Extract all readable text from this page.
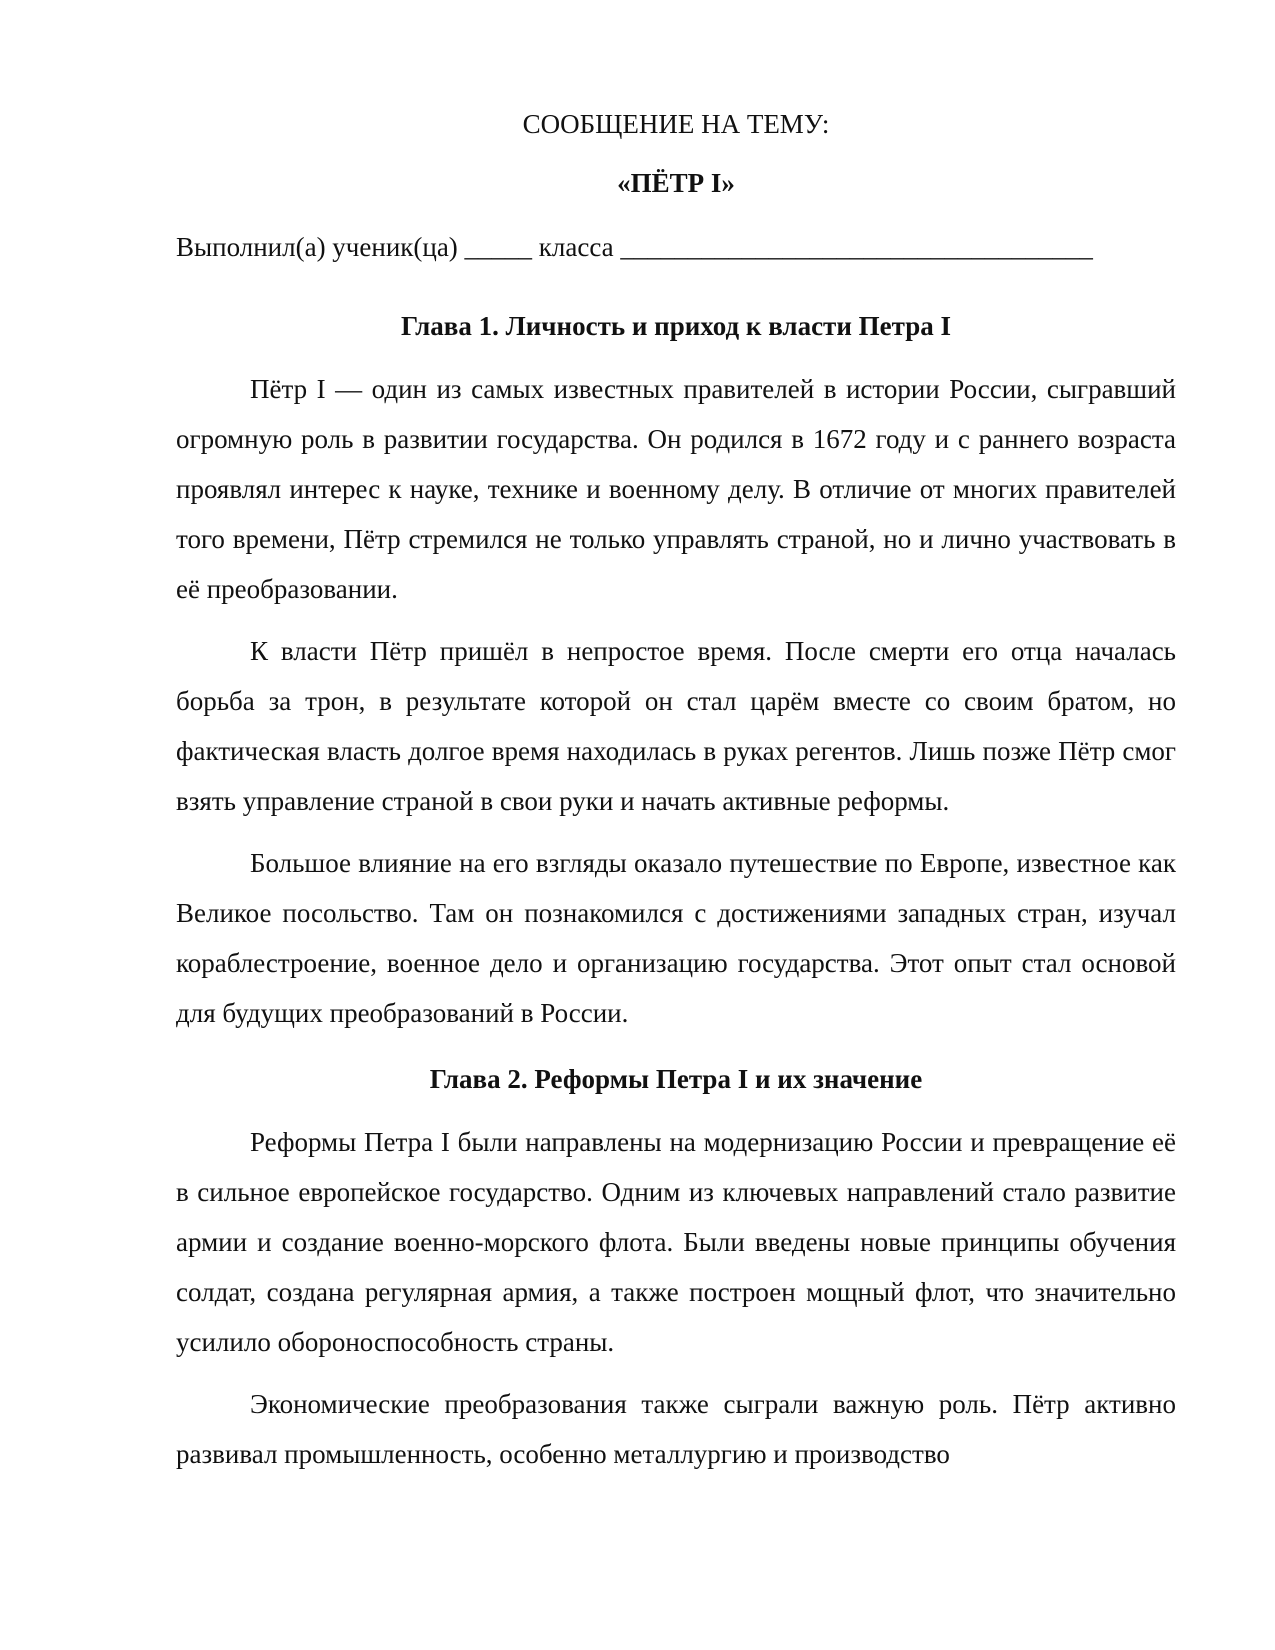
СООБЩЕНИЕ НА ТЕМУ:

«ПЁТР I»

Выполнил(а) ученик(ца) _____ класса ___________________________________

Глава 1. Личность и приход к власти Петра I

Пётр I — один из самых известных правителей в истории России, сыгравший огромную роль в развитии государства. Он родился в 1672 году и с раннего возраста проявлял интерес к науке, технике и военному делу. В отличие от многих правителей того времени, Пётр стремился не только управлять страной, но и лично участвовать в её преобразовании.

К власти Пётр пришёл в непростое время. После смерти его отца началась борьба за трон, в результате которой он стал царём вместе со своим братом, но фактическая власть долгое время находилась в руках регентов. Лишь позже Пётр смог взять управление страной в свои руки и начать активные реформы.

Большое влияние на его взгляды оказало путешествие по Европе, известное как Великое посольство. Там он познакомился с достижениями западных стран, изучал кораблестроение, военное дело и организацию государства. Этот опыт стал основой для будущих преобразований в России.

Глава 2. Реформы Петра I и их значение

Реформы Петра I были направлены на модернизацию России и превращение её в сильное европейское государство. Одним из ключевых направлений стало развитие армии и создание военно-морского флота. Были введены новые принципы обучения солдат, создана регулярная армия, а также построен мощный флот, что значительно усилило обороноспособность страны.

Экономические преобразования также сыграли важную роль. Пётр активно развивал промышленность, особенно металлургию и производство
